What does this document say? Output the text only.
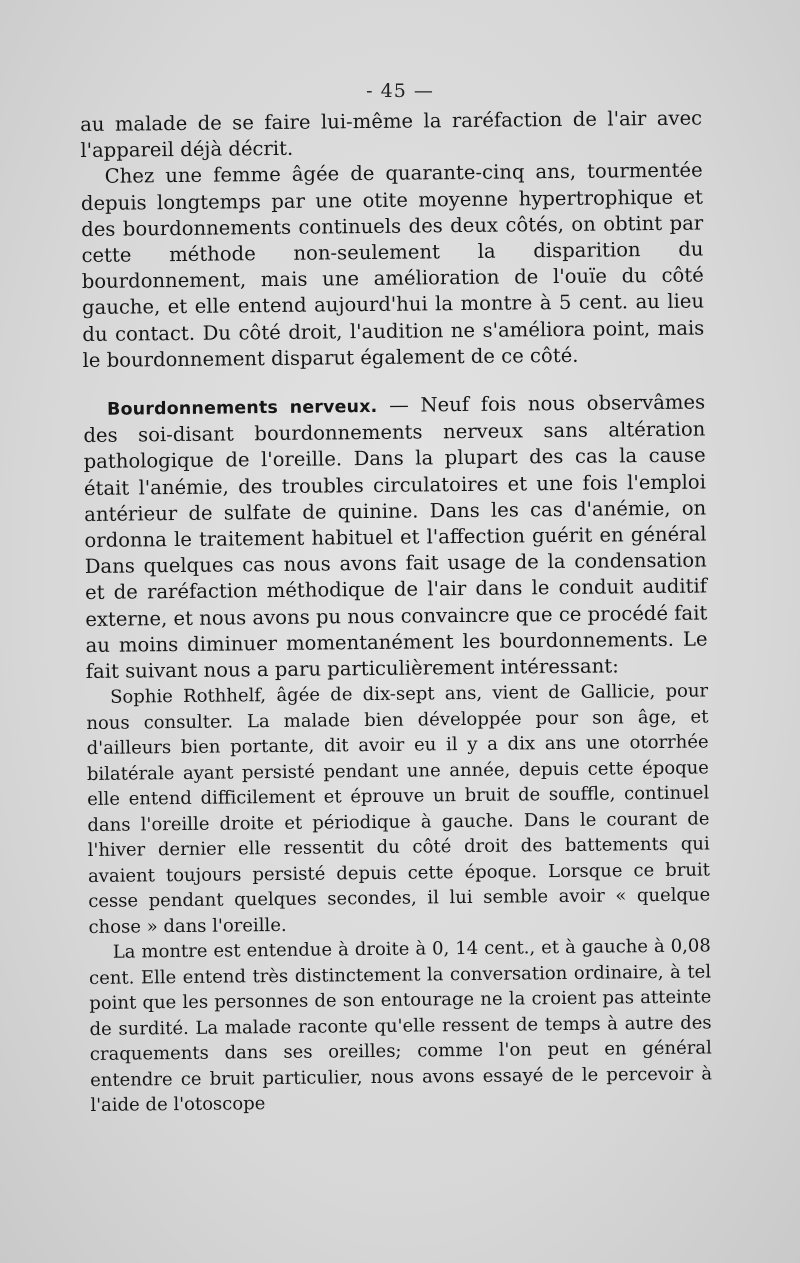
- 45 —

au malade de se faire lui-même la raréfaction de l'air avec l'appareil déjà décrit.

Chez une femme âgée de quarante-cinq ans, tourmentée depuis longtemps par une otite moyenne hypertrophique et des bourdonnements continuels des deux côtés, on obtint par cette méthode non-seulement la disparition du bourdonnement, mais une amélioration de l'ouïe du côté gauche, et elle entend aujourd'hui la montre à 5 cent. au lieu du contact. Du côté droit, l'audition ne s'améliora point, mais le bourdonnement disparut également de ce côté.

Bourdonnements nerveux. — Neuf fois nous observâmes des soi-disant bourdonnements nerveux sans altération pathologique de l'oreille. Dans la plupart des cas la cause était l'anémie, des troubles circulatoires et une fois l'emploi antérieur de sulfate de quinine. Dans les cas d'anémie, on ordonna le traitement habituel et l'affection guérit en général Dans quelques cas nous avons fait usage de la condensation et de raréfaction méthodique de l'air dans le conduit auditif externe, et nous avons pu nous convaincre que ce procédé fait au moins diminuer momentanément les bourdonnements. Le fait suivant nous a paru particulièrement intéressant:

Sophie Rothhelf, âgée de dix-sept ans, vient de Gallicie, pour nous consulter. La malade bien développée pour son âge, et d'ailleurs bien portante, dit avoir eu il y a dix ans une otorrhée bilatérale ayant persisté pendant une année, depuis cette époque elle entend difficilement et éprouve un bruit de souffle, continuel dans l'oreille droite et périodique à gauche. Dans le courant de l'hiver dernier elle ressentit du côté droit des battements qui avaient toujours persisté depuis cette époque. Lorsque ce bruit cesse pendant quelques secondes, il lui semble avoir « quelque chose » dans l'oreille.

La montre est entendue à droite à 0, 14 cent., et à gauche à 0,08 cent. Elle entend très distinctement la conversation ordinaire, à tel point que les personnes de son entourage ne la croient pas atteinte de surdité. La malade raconte qu'elle ressent de temps à autre des craquements dans ses oreilles; comme l'on peut en général entendre ce bruit particulier, nous avons essayé de le percevoir à l'aide de l'otoscope
